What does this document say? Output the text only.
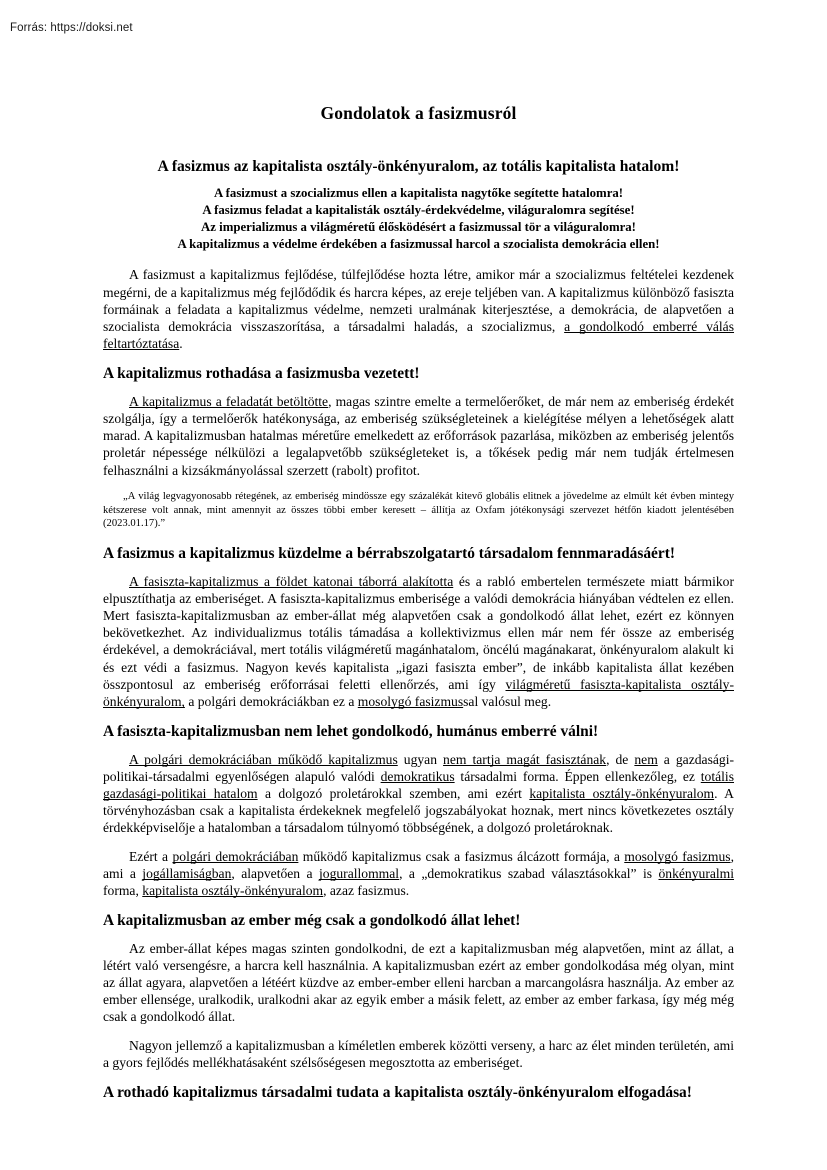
Forrás: https://doksi.net
Gondolatok a fasizmusról
A fasizmus az kapitalista osztály-önkényuralom, az totális kapitalista hatalom!
A fasizmust a szocializmus ellen a kapitalista nagytőke segítette hatalomra!
A fasizmus feladat a kapitalisták osztály-érdekvédelme, világuralomra segítése!
Az imperializmus a világméretű élősködésért a fasizmussal tör a világuralomra!
A kapitalizmus a védelme érdekében a fasizmussal harcol a szocialista demokrácia ellen!

A fasizmust a kapitalizmus fejlődése, túlfejlődése hozta létre, amikor már a szocializmus feltételei kezdenek megérni, de a kapitalizmus még fejlődődik és harcra képes, az ereje teljében van. A kapitalizmus különböző fasiszta formáinak a feladata a kapitalizmus védelme, nemzeti uralmának kiterjesztése, a demokrácia, de alapvetően a szocialista demokrácia visszaszorítása, a társadalmi haladás, a szocializmus, a gondolkodó emberré válás feltartóztatása.

A kapitalizmus rothadása a fasizmusba vezetett!

A kapitalizmus a feladatát betöltötte, magas szintre emelte a termelőerőket, de már nem az emberiség érdekét szolgálja, így a termelőerők hatékonysága, az emberiség szükségleteinek a kielégítése mélyen a lehetőségek alatt marad. A kapitalizmusban hatalmas méretűre emelkedett az erőforrások pazarlása, miközben az emberiség jelentős proletár népessége nélkülözi a legalapvetőbb szükségleteket is, a tőkések pedig már nem tudják értelmesen felhasználni a kizsákmányolással szerzett (rabolt) profitot.

„A világ legvagyonosabb rétegének, az emberiség mindössze egy százalékát kitevő globális elitnek a jövedelme az elmúlt két évben mintegy kétszerese volt annak, mint amennyit az összes többi ember keresett – állítja az Oxfam jótékonysági szervezet hétfőn kiadott jelentésében (2023.01.17).”
A fasizmus a kapitalizmus küzdelme a bérrabszolgatartó társadalom fennmaradásáért!

A fasiszta-kapitalizmus a földet katonai táborrá alakította és a rabló embertelen természete miatt bármikor elpusztíthatja az emberiséget. A fasiszta-kapitalizmus emberisége a valódi demokrácia hiányában védtelen ez ellen. Mert fasiszta-kapitalizmusban az ember-állat még alapvetően csak a gondolkodó állat lehet, ezért ez könnyen bekövetkezhet. Az individualizmus totális támadása a kollektivizmus ellen már nem fér össze az emberiség érdekével, a demokráciával, mert totális világméretű magánhatalom, öncélú magánakarat, önkényuralom alakult ki és ezt védi a fasizmus. Nagyon kevés kapitalista „igazi fasiszta ember”, de inkább kapitalista állat kezében összpontosul az emberiség erőforrásai feletti ellenőrzés, ami így világméretű fasiszta-kapitalista osztály-önkényuralom, a polgári demokráciákban ez a mosolygó fasizmussal valósul meg.

A fasiszta-kapitalizmusban nem lehet gondolkodó, humánus emberré válni!

A polgári demokráciában működő kapitalizmus ugyan nem tartja magát fasisztának, de nem a gazdasági-politikai-társadalmi egyenlőségen alapuló valódi demokratikus társadalmi forma. Éppen ellenkezőleg, ez totális gazdasági-politikai hatalom a dolgozó proletárokkal szemben, ami ezért kapitalista osztály-önkényuralom. A törvényhozásban csak a kapitalista érdekeknek megfelelő jogszabályokat hoznak, mert nincs következetes osztály érdekképviselője a hatalomban a társadalom túlnyomó többségének, a dolgozó proletároknak.

Ezért a polgári demokráciában működő kapitalizmus csak a fasizmus álcázott formája, a mosolygó fasizmus, ami a jogállamiságban, alapvetően a jogurallommal, a „demokratikus szabad választásokkal” is önkényuralmi forma, kapitalista osztály-önkényuralom, azaz fasizmus.

A kapitalizmusban az ember még csak a gondolkodó állat lehet!

Az ember-állat képes magas szinten gondolkodni, de ezt a kapitalizmusban még alapvetően, mint az állat, a létért való versengésre, a harcra kell használnia. A kapitalizmusban ezért az ember gondolkodása még olyan, mint az állat agyara, alapvetően a létéért küzdve az ember-ember elleni harcban a marcangolásra használja. Az ember az ember ellensége, uralkodik, uralkodni akar az egyik ember a másik felett, az ember az ember farkasa, így még még csak a gondolkodó állat.

Nagyon jellemző a kapitalizmusban a kíméletlen emberek közötti verseny, a harc az élet minden területén, ami a gyors fejlődés mellékhatásaként szélsőségesen megosztotta az emberiséget.

A rothadó kapitalizmus társadalmi tudata a kapitalista osztály-önkényuralom elfogadása!
